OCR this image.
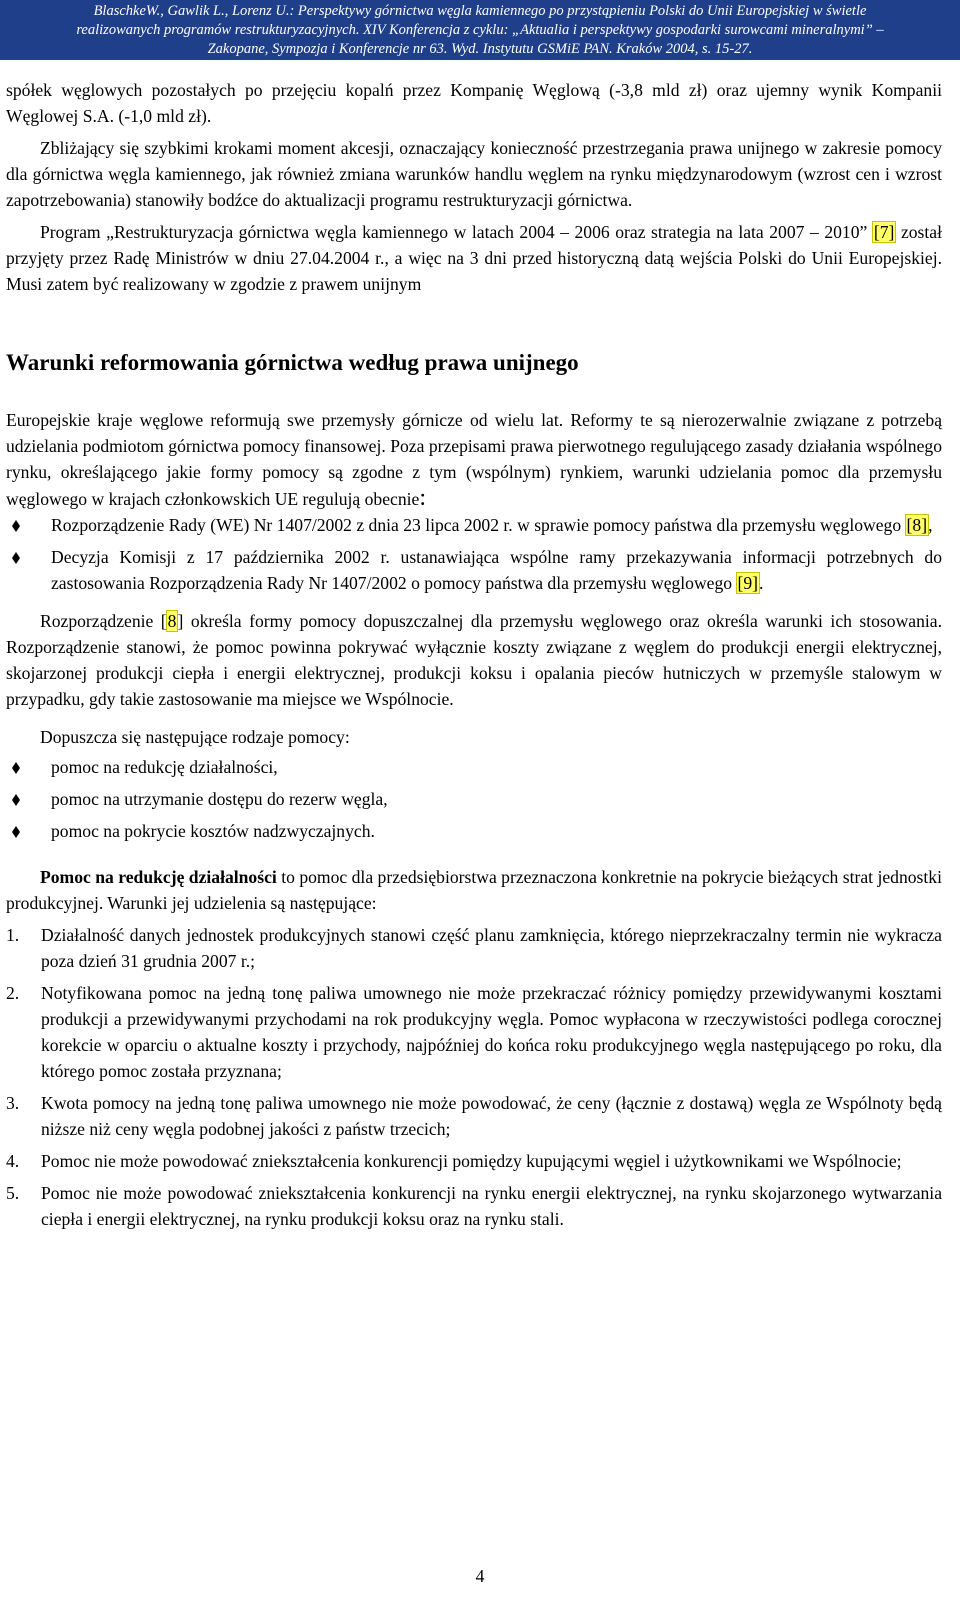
BlaschkeW., Gawlik L., Lorenz U.: Perspektywy górnictwa węgla kamiennego po przystąpieniu Polski do Unii Europejskiej w świetle
realizowanych programów restrukturyzacyjnych. XIV Konferencja z cyklu: „Aktualia i perspektywy gospodarki surowcami mineralnymi” –
Zakopane, Sympozja i Konferencje nr 63. Wyd. Instytutu GSMiE PAN. Kraków 2004, s. 15-27.

spółek węglowych pozostałych po przejęciu kopalń przez Kompanię Węglową (-3,8 mld zł) oraz ujemny wynik Kompanii Węglowej S.A. (-1,0 mld zł).

Zbliżający się szybkimi krokami moment akcesji, oznaczający konieczność przestrzegania prawa unijnego w zakresie pomocy dla górnictwa węgla kamiennego, jak również zmiana warunków handlu węglem na rynku międzynarodowym (wzrost cen i wzrost zapotrzebowania) stanowiły bodźce do aktualizacji programu restrukturyzacji górnictwa.

Program „Restrukturyzacja górnictwa węgla kamiennego w latach 2004 – 2006 oraz strategia na lata 2007 – 2010” [7] został przyjęty przez Radę Ministrów w dniu 27.04.2004 r., a więc na 3 dni przed historyczną datą wejścia Polski do Unii Europejskiej. Musi zatem być realizowany w zgodzie z prawem unijnym

Warunki reformowania górnictwa według prawa unijnego

Europejskie kraje węglowe reformują swe przemysły górnicze od wielu lat. Reformy te są nierozerwalnie związane z potrzebą udzielania podmiotom górnictwa pomocy finansowej. Poza przepisami prawa pierwotnego regulującego zasady działania wspólnego rynku, określającego jakie formy pomocy są zgodne z tym (wspólnym) rynkiem, warunki udzielania pomoc dla przemysłu węglowego w krajach członkowskich UE regulują obecnie:

Rozporządzenie Rady (WE) Nr 1407/2002 z dnia 23 lipca 2002 r. w sprawie pomocy państwa dla przemysłu węglowego [8],
Decyzja Komisji z 17 października 2002 r. ustanawiająca wspólne ramy przekazywania informacji potrzebnych do zastosowania Rozporządzenia Rady Nr 1407/2002 o pomocy państwa dla przemysłu węglowego [9].

Rozporządzenie [8] określa formy pomocy dopuszczalnej dla przemysłu węglowego oraz określa warunki ich stosowania. Rozporządzenie stanowi, że pomoc powinna pokrywać wyłącznie koszty związane z węglem do produkcji energii elektrycznej, skojarzonej produkcji ciepła i energii elektrycznej, produkcji koksu i opalania pieców hutniczych w przemyśle stalowym w przypadku, gdy takie zastosowanie ma miejsce we Wspólnocie.

Dopuszcza się następujące rodzaje pomocy:

pomoc na redukcję działalności,
pomoc na utrzymanie dostępu do rezerw węgla,
pomoc na pokrycie kosztów nadzwyczajnych.

Pomoc na redukcję działalności to pomoc dla przedsiębiorstwa przeznaczona konkretnie na pokrycie bieżących strat jednostki produkcyjnej. Warunki jej udzielenia są następujące:

1. Działalność danych jednostek produkcyjnych stanowi część planu zamknięcia, którego nieprzekraczalny termin nie wykracza poza dzień 31 grudnia 2007 r.;
2. Notyfikowana pomoc na jedną tonę paliwa umownego nie może przekraczać różnicy pomiędzy przewidywanymi kosztami produkcji a przewidywanymi przychodami na rok produkcyjny węgla. Pomoc wypłacona w rzeczywistości podlega corocznej korekcie w oparciu o aktualne koszty i przychody, najpóźniej do końca roku produkcyjnego węgla następującego po roku, dla którego pomoc została przyznana;
3. Kwota pomocy na jedną tonę paliwa umownego nie może powodować, że ceny (łącznie z dostawą) węgla ze Wspólnoty będą niższe niż ceny węgla podobnej jakości z państw trzecich;
4. Pomoc nie może powodować zniekształcenia konkurencji pomiędzy kupującymi węgiel i użytkownikami we Wspólnocie;
5. Pomoc nie może powodować zniekształcenia konkurencji na rynku energii elektrycznej, na rynku skojarzonego wytwarzania ciepła i energii elektrycznej, na rynku produkcji koksu oraz na rynku stali.
4
